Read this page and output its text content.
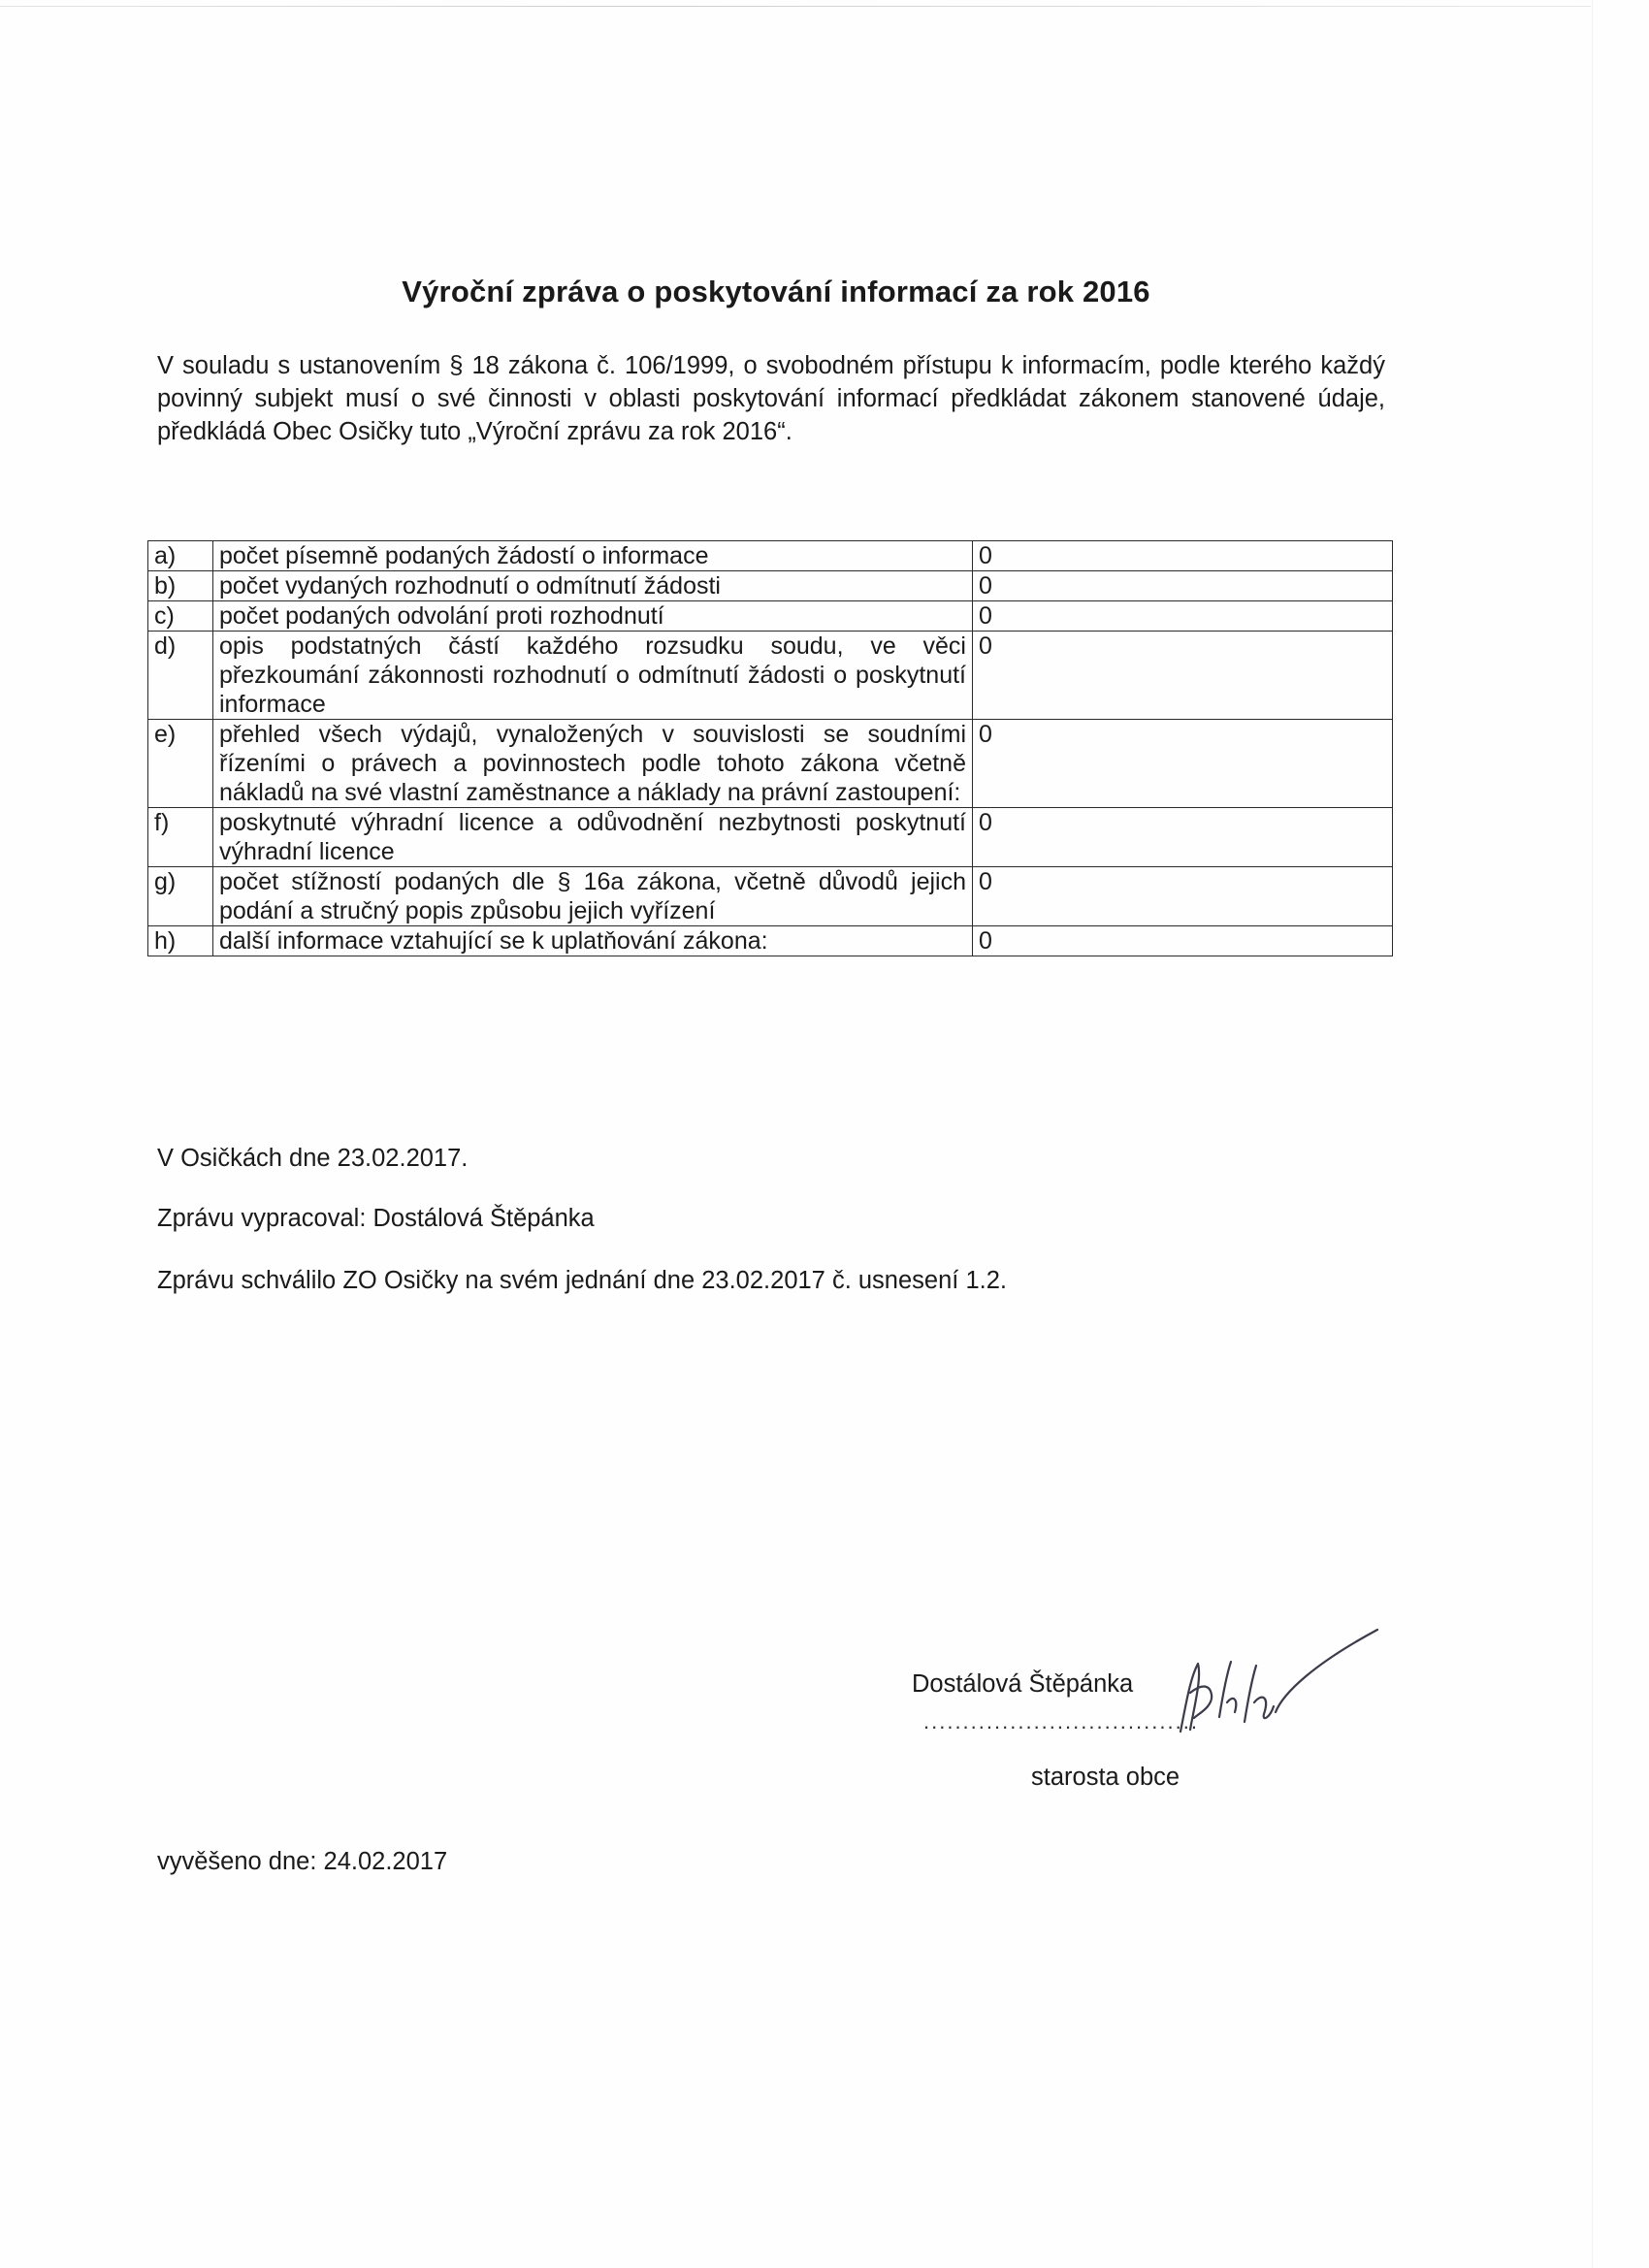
Výroční zpráva o poskytování informací za rok 2016
V souladu s ustanovením § 18 zákona č. 106/1999, o svobodném přístupu k informacím, podle kterého každý povinný subjekt musí o své činnosti v oblasti poskytování informací předkládat zákonem stanovené údaje, předkládá Obec Osičky tuto „Výroční zprávu za rok 2016“.
a)	počet písemně podaných žádostí o informace	0
b)	počet vydaných rozhodnutí o odmítnutí žádosti	0
c)	počet podaných odvolání proti rozhodnutí	0
d)	opis podstatných částí každého rozsudku soudu, ve věci přezkoumání zákonnosti rozhodnutí o odmítnutí žádosti o poskytnutí informace	0
e)	přehled všech výdajů, vynaložených v souvislosti se soudními řízeními o právech a povinnostech podle tohoto zákona včetně nákladů na své vlastní zaměstnance a náklady na právní zastoupení:	0
f)	poskytnuté výhradní licence a odůvodnění nezbytnosti poskytnutí výhradní licence	0
g)	počet stížností podaných dle § 16a zákona, včetně důvodů jejich podání a stručný popis způsobu jejich vyřízení	0
h)	další informace vztahující se k uplatňování zákona:	0
V Osičkách dne 23.02.2017.
Zprávu vypracoval: Dostálová Štěpánka
Zprávu schválilo ZO Osičky na svém jednání dne 23.02.2017 č. usnesení 1.2.
Dostálová Štěpánka
...................................
starosta obce
vyvěšeno dne: 24.02.2017
